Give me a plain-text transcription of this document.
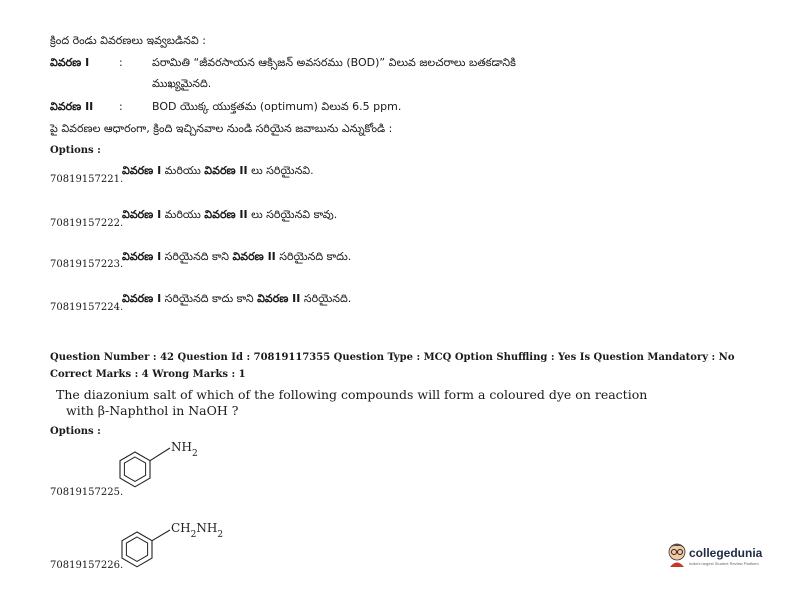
క్రింద రెండు వివరణలు ఇవ్వబడినవి :
వివరణ I	:	పరామితి “జీవరసాయన ఆక్సిజన్ అవసరము (BOD)” విలువ జలచరాలు బతకడానికి
ముఖ్యమైనది.
వివరణ II :	BOD యొక్క యుక్తతమ (optimum) విలువ 6.5 ppm.
పై వివరణల ఆధారంగా, క్రింది ఇచ్చినవాల నుండి సరియైన జవాబును ఎన్నుకోండి :
Options :
70819157221.
వివరణ I మరియు వివరణ II లు సరియైనవి.
70819157222.
వివరణ I మరియు వివరణ II లు సరియైనవి కావు.
70819157223.
వివరణ I సరియైనది కాని వివరణ II సరియైనది కాదు.
70819157224.
వివరణ I సరియైనది కాదు కాని వివరణ II సరియైనది.
Question Number : 42 Question Id : 70819117355 Question Type : MCQ Option Shuffling : Yes Is Question Mandatory : No
Correct Marks : 4 Wrong Marks : 1
The diazonium salt of which of the following compounds will form a coloured dye on reaction
with β-Naphthol in NaOH ?
Options :
$NH_2$
70819157225.
$CH_2NH_2$
70819157226.
collegedunia
India's largest Student Review Platform
